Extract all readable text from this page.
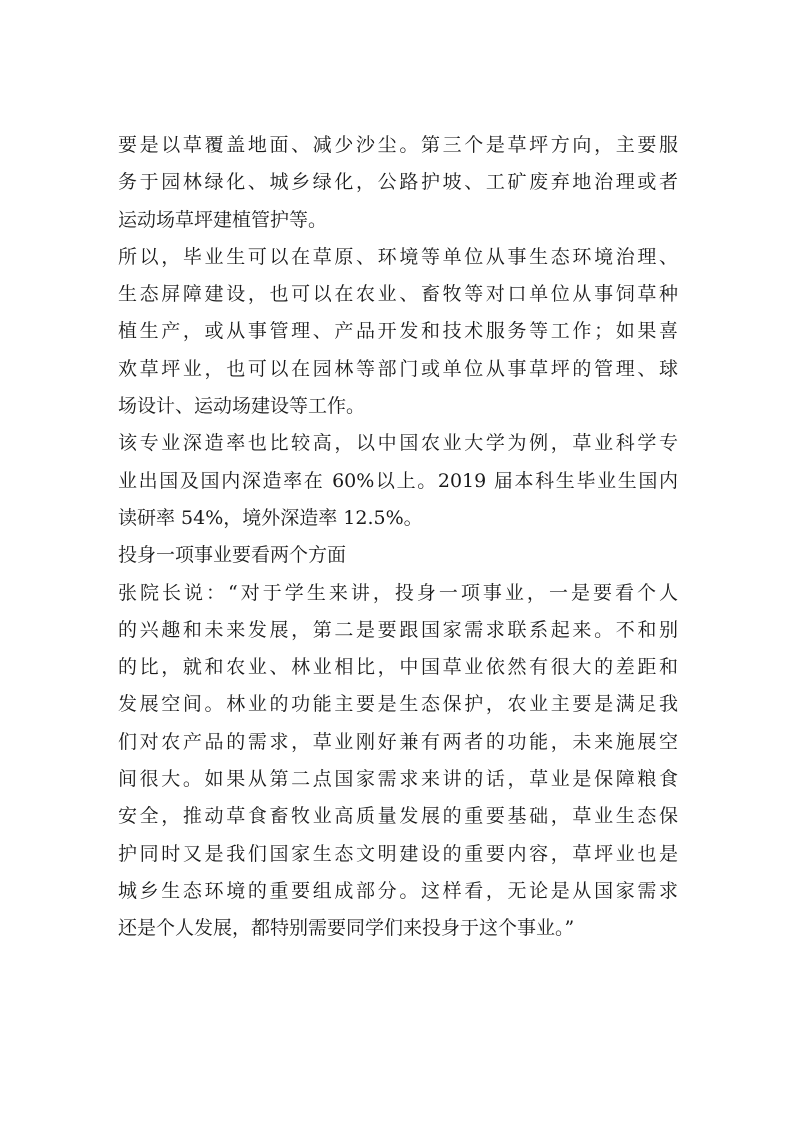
要是以草覆盖地面、减少沙尘。第三个是草坪方向，主要服
务于园林绿化、城乡绿化，公路护坡、工矿废弃地治理或者
运动场草坪建植管护等。
所以，毕业生可以在草原、环境等单位从事生态环境治理、
生态屏障建设，也可以在农业、畜牧等对口单位从事饲草种
植生产，或从事管理、产品开发和技术服务等工作；如果喜
欢草坪业，也可以在园林等部门或单位从事草坪的管理、球
场设计、运动场建设等工作。
该专业深造率也比较高，以中国农业大学为例，草业科学专
业出国及国内深造率在 60%以上。2019 届本科生毕业生国内
读研率 54%，境外深造率 12.5%。
投身一项事业要看两个方面
张院长说：“对于学生来讲，投身一项事业，一是要看个人
的兴趣和未来发展，第二是要跟国家需求联系起来。不和别
的比，就和农业、林业相比，中国草业依然有很大的差距和
发展空间。林业的功能主要是生态保护，农业主要是满足我
们对农产品的需求，草业刚好兼有两者的功能，未来施展空
间很大。如果从第二点国家需求来讲的话，草业是保障粮食
安全，推动草食畜牧业高质量发展的重要基础，草业生态保
护同时又是我们国家生态文明建设的重要内容，草坪业也是
城乡生态环境的重要组成部分。这样看，无论是从国家需求
还是个人发展，都特别需要同学们来投身于这个事业。”
